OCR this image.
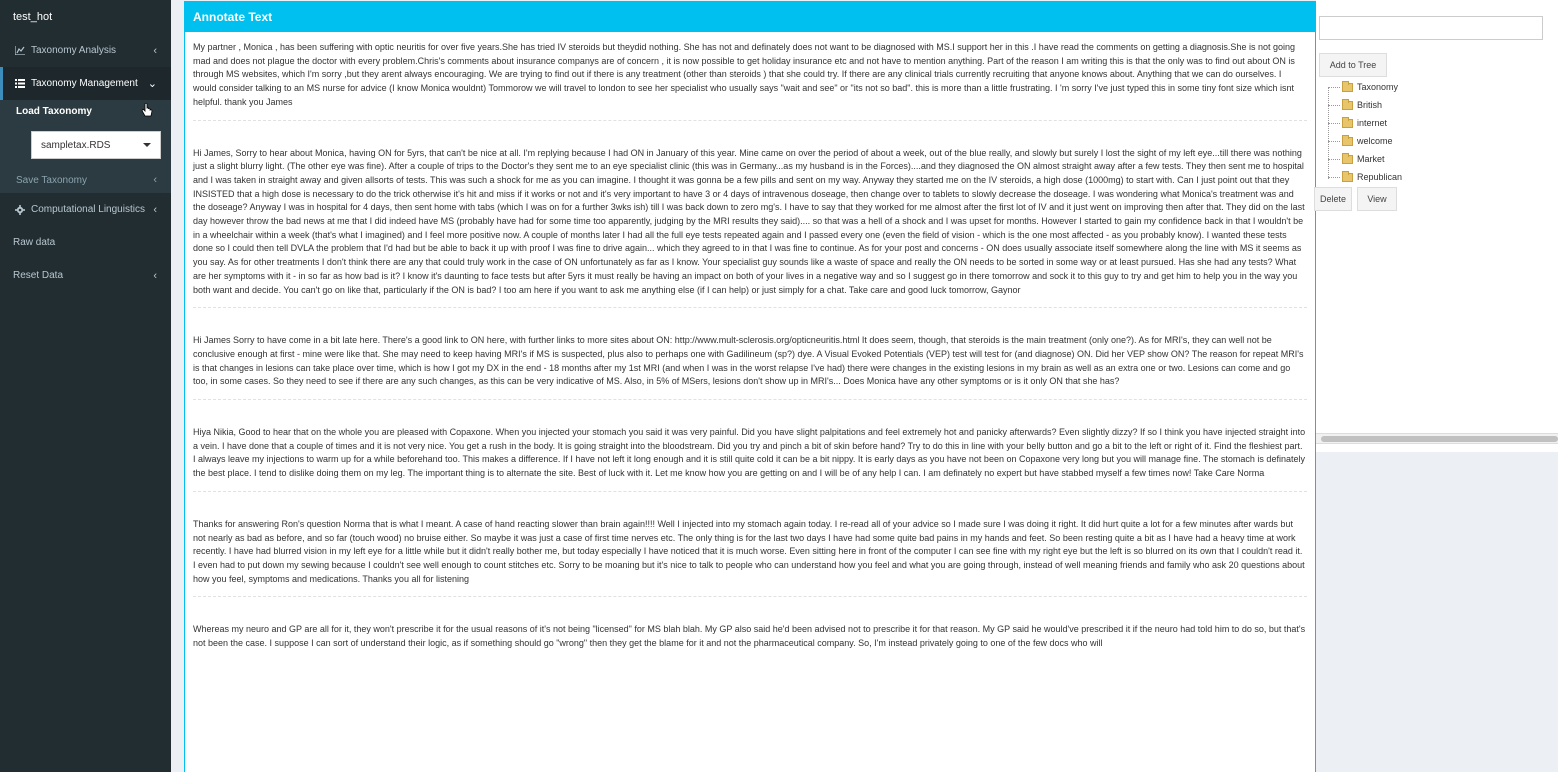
test_hot
Taxonomy Analysis	‹
Taxonomy Management ⌄
Load Taxonomy
sampletax.RDS
Save Taxonomy	‹
Computational Linguistics ‹
Raw data
Reset Data	‹
Annotate Text

My partner , Monica , has been suffering with optic neuritis for over five years.She has tried IV steroids but theydid nothing. She has not and definately does not want to be diagnosed with MS.I support her in this .I have read the comments on getting a diagnosis.She is not going mad and does not plague the doctor with every problem.Chris's comments about insurance companys are of concern , it is now possible to get holiday insurance etc and not have to mention anything. Part of the reason I am writing this is that the only was to find out about ON is through MS websites, which I'm sorry ,but they arent always encouraging. We are trying to find out if there is any treatment (other than steroids ) that she could try. If there are any clinical trials currently recruiting that anyone knows about. Anything that we can do ourselves. I would consider talking to an MS nurse for advice (I know Monica wouldnt) Tommorow we will travel to london to see her specialist who usually says "wait and see" or "its not so bad". this is more than a little frustrating. I 'm sorry I've just typed this in some tiny font size which isnt helpful. thank you James

Hi James, Sorry to hear about Monica, having ON for 5yrs, that can't be nice at all. I'm replying because I had ON in January of this year. Mine came on over the period of about a week, out of the blue really, and slowly but surely I lost the sight of my left eye...till there was nothing just a slight blurry light. (The other eye was fine). After a couple of trips to the Doctor's they sent me to an eye specialist clinic (this was in Germany...as my husband is in the Forces)....and they diagnosed the ON almost straight away after a few tests. They then sent me to hospital and I was taken in straight away and given allsorts of tests. This was such a shock for me as you can imagine. I thought it was gonna be a few pills and sent on my way. Anyway they started me on the IV steroids, a high dose (1000mg) to start with. Can I just point out that they INSISTED that a high dose is necessary to do the trick otherwise it's hit and miss if it works or not and it's very important to have 3 or 4 days of intravenous doseage, then change over to tablets to slowly decrease the doseage. I was wondering what Monica's treatment was and the doseage? Anyway I was in hospital for 4 days, then sent home with tabs (which I was on for a further 3wks ish) till I was back down to zero mg's. I have to say that they worked for me almost after the first lot of IV and it just went on improving then after that. They did on the last day however throw the bad news at me that I did indeed have MS (probably have had for some time too apparently, judging by the MRI results they said).... so that was a hell of a shock and I was upset for months. However I started to gain my confidence back in that I wouldn't be in a wheelchair within a week (that's what I imagined) and I feel more positive now. A couple of months later I had all the full eye tests repeated again and I passed every one (even the field of vision - which is the one most affected - as you probably know). I wanted these tests done so I could then tell DVLA the problem that I'd had but be able to back it up with proof I was fine to drive again... which they agreed to in that I was fine to continue. As for your post and concerns - ON does usually associate itself somewhere along the line with MS it seems as you say. As for other treatments I don't think there are any that could truly work in the case of ON unfortunately as far as I know. Your specialist guy sounds like a waste of space and really the ON needs to be sorted in some way or at least pursued. Has she had any tests? What are her symptoms with it - in so far as how bad is it? I know it's daunting to face tests but after 5yrs it must really be having an impact on both of your lives in a negative way and so I suggest go in there tomorrow and sock it to this guy to try and get him to help you in the way you both want and decide. You can't go on like that, particularly if the ON is bad? I too am here if you want to ask me anything else (if I can help) or just simply for a chat. Take care and good luck tomorrow, Gaynor

Hi James Sorry to have come in a bit late here. There's a good link to ON here, with further links to more sites about ON: http://www.mult-sclerosis.org/opticneuritis.html It does seem, though, that steroids is the main treatment (only one?). As for MRI's, they can well not be conclusive enough at first - mine were like that. She may need to keep having MRI's if MS is suspected, plus also to perhaps one with Gadilineum (sp?) dye. A Visual Evoked Potentials (VEP) test will test for (and diagnose) ON. Did her VEP show ON? The reason for repeat MRI's is that changes in lesions can take place over time, which is how I got my DX in the end - 18 months after my 1st MRI (and when I was in the worst relapse I've had) there were changes in the existing lesions in my brain as well as an extra one or two. Lesions can come and go too, in some cases. So they need to see if there are any such changes, as this can be very indicative of MS. Also, in 5% of MSers, lesions don't show up in MRI's... Does Monica have any other symptoms or is it only ON that she has?

Hiya Nikia, Good to hear that on the whole you are pleased with Copaxone. When you injected your stomach you said it was very painful. Did you have slight palpitations and feel extremely hot and panicky afterwards? Even slightly dizzy? If so I think you have injected straight into a vein. I have done that a couple of times and it is not very nice. You get a rush in the body. It is going straight into the bloodstream. Did you try and pinch a bit of skin before hand? Try to do this in line with your belly button and go a bit to the left or right of it. Find the fleshiest part. I always leave my injections to warm up for a while beforehand too. This makes a difference. If I have not left it long enough and it is still quite cold it can be a bit nippy. It is early days as you have not been on Copaxone very long but you will manage fine. The stomach is definately the best place. I tend to dislike doing them on my leg. The important thing is to alternate the site. Best of luck with it. Let me know how you are getting on and I will be of any help I can. I am definately no expert but have stabbed myself a few times now! Take Care Norma

Thanks for answering Ron's question Norma that is what I meant. A case of hand reacting slower than brain again!!!! Well I injected into my stomach again today. I re-read all of your advice so I made sure I was doing it right. It did hurt quite a lot for a few minutes after wards but not nearly as bad as before, and so far (touch wood) no bruise either. So maybe it was just a case of first time nerves etc. The only thing is for the last two days I have had some quite bad pains in my hands and feet. So been resting quite a bit as I have had a heavy time at work recently. I have had blurred vision in my left eye for a little while but it didn't really bother me, but today especially I have noticed that it is much worse. Even sitting here in front of the computer I can see fine with my right eye but the left is so blurred on its own that I couldn't read it. I even had to put down my sewing because I couldn't see well enough to count stitches etc. Sorry to be moaning but it's nice to talk to people who can understand how you feel and what you are going through, instead of well meaning friends and family who ask 20 questions about how you feel, symptoms and medications. Thanks you all for listening

Whereas my neuro and GP are all for it, they won't prescribe it for the usual reasons of it's not being "licensed" for MS blah blah. My GP also said he'd been advised not to prescribe it for that reason. My GP said he would've prescribed it if the neuro had told him to do so, but that's not been the case. I suppose I can sort of understand their logic, as if something should go "wrong" then they get the blame for it and not the pharmaceutical company. So, I'm instead privately going to one of the few docs who will

Add to Tree
Taxonomy
British
internet
welcome
Market
Republican
Delete	View
